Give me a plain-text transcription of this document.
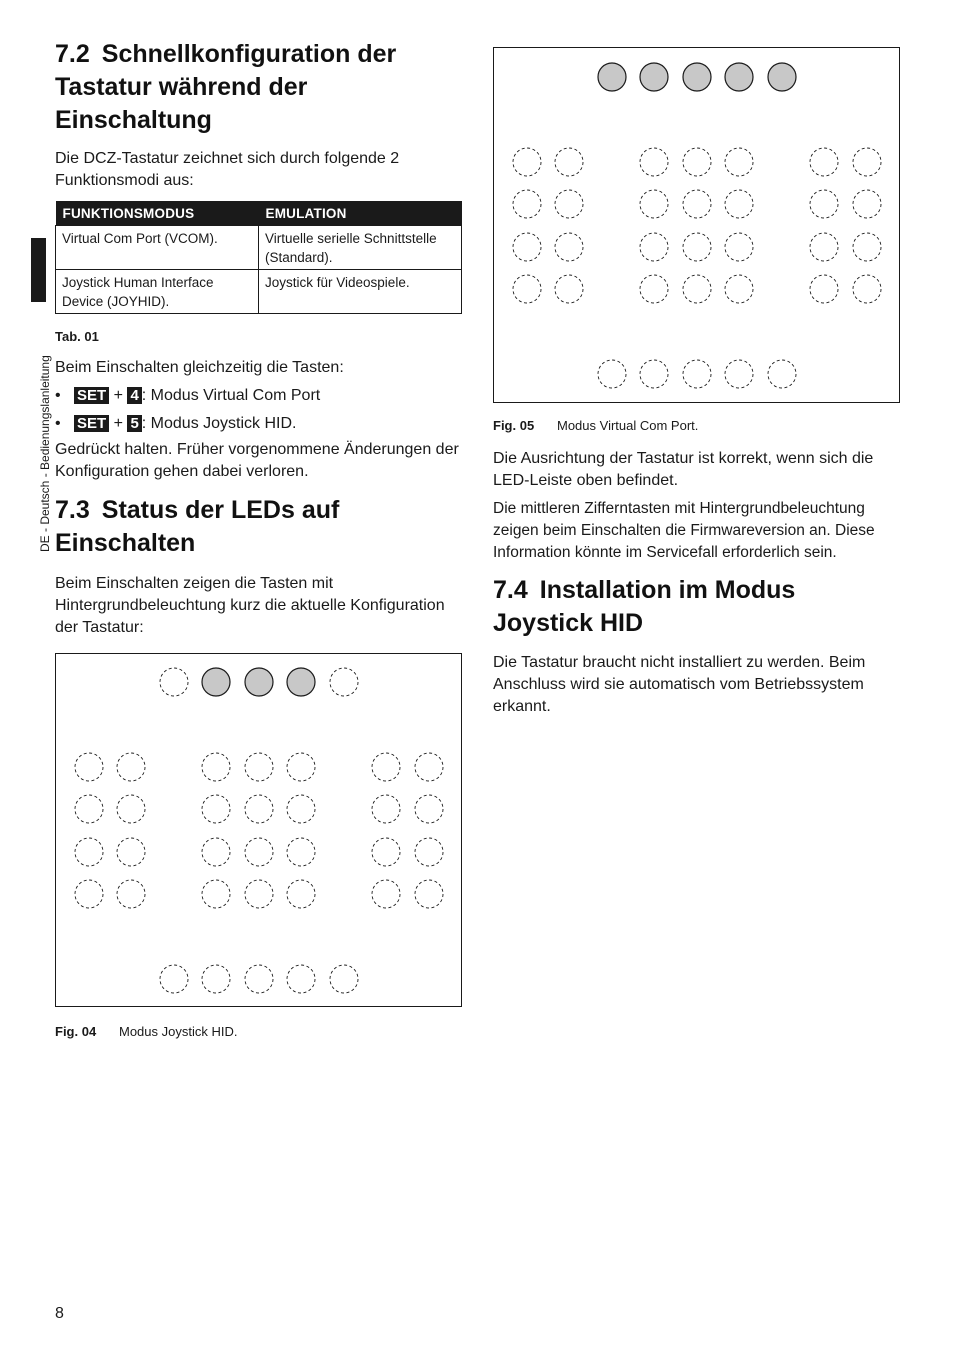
DE - Deutsch - Bedienungslanleitung
7.2 Schnellkonfiguration der Tastatur während der Einschaltung

Die DCZ-Tastatur zeichnet sich durch folgende 2 Funktionsmodi aus:

FUNKTIONSMODUS	EMULATION
Virtual Com Port (VCOM).	Virtuelle serielle Schnittstelle (Standard).
Joystick Human Interface Device (JOYHID).	Joystick für Videospiele.
Tab. 01

Beim Einschalten gleichzeitig die Tasten:

• SET + 4 : Modus Virtual Com Port
• SET + 5 : Modus Joystick HID.

Gedrückt halten. Früher vorgenommene Änderungen der Konfiguration gehen dabei verloren.

7.3 Status der LEDs auf Einschalten

Beim Einschalten zeigen die Tasten mit Hintergrundbeleuchtung kurz die aktuelle Konfiguration der Tastatur:

Fig. 04 Modus Joystick HID.
Fig. 05 Modus Virtual Com Port.

Die Ausrichtung der Tastatur ist korrekt, wenn sich die LED-Leiste oben befindet.

Die mittleren Zifferntasten mit Hintergrundbeleuchtung zeigen beim Einschalten die Firmwareversion an. Diese Information könnte im Servicefall erforderlich sein.

7.4 Installation im Modus Joystick HID

Die Tastatur braucht nicht installiert zu werden. Beim Anschluss wird sie automatisch vom Betriebssystem erkannt.

8
